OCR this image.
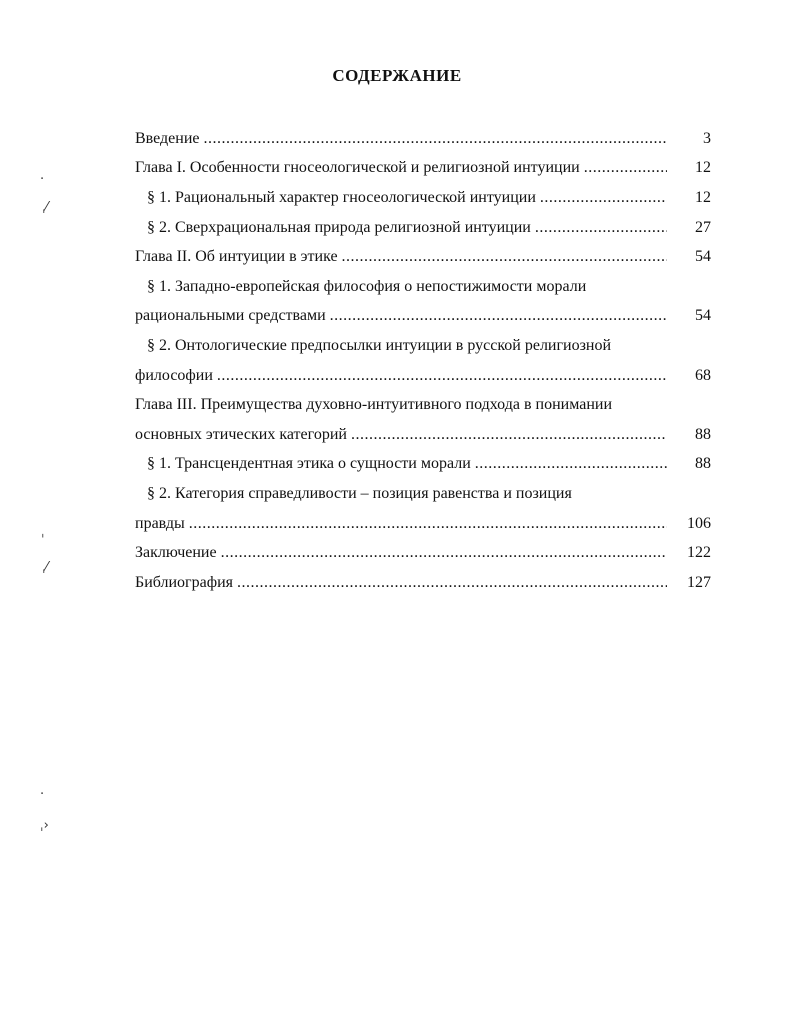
СОДЕРЖАНИЕ
Введение .....	3
Глава I. Особенности гносеологической и религиозной интуиции .....	12
§ 1. Рациональный характер гносеологической интуиции .....	12
§ 2. Сверхрациональная природа религиозной интуиции .....	27
Глава II. Об интуиции в этике .....	54
§ 1. Западно-европейская философия о непостижимости морали
рациональными средствами .....	54
§ 2. Онтологические предпосылки интуиции в русской религиозной
философии .....	68
Глава III. Преимущества духовно-интуитивного подхода в понимании
основных этических категорий .....	88
§ 1. Трансцендентная этика о сущности морали .....	88
§ 2. Категория справедливости – позиция равенства и позиция
правды .....	106
Заключение .....	122
Библиография .....	127
·
ˌ⁄
ˈ
ˌ⁄
·
ˌ›
